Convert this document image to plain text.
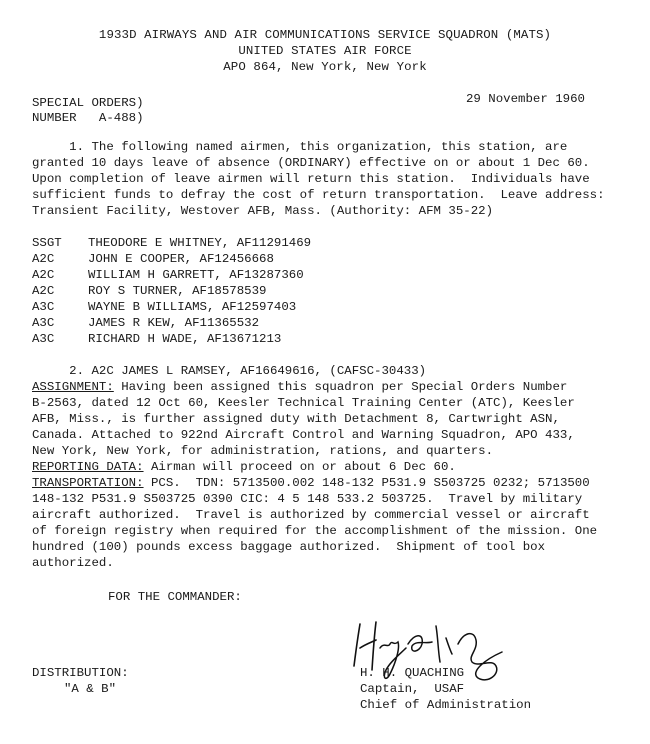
1933D AIRWAYS AND AIR COMMUNICATIONS SERVICE SQUADRON (MATS)
UNITED STATES AIR FORCE
APO 864, New York, New York
SPECIAL ORDERS)
NUMBER   A-488)
29 November 1960
1. The following named airmen, this organization, this station, are
granted 10 days leave of absence (ORDINARY) effective on or about 1 Dec 60.
Upon completion of leave airmen will return this station.  Individuals have
sufficient funds to defray the cost of return transportation.  Leave address:
Transient Facility, Westover AFB, Mass. (Authority: AFM 35-22)
SSGT THEODORE E WHITNEY, AF11291469
A2C	JOHN E COOPER, AF12456668
A2C	WILLIAM H GARRETT, AF13287360
A2C	ROY S TURNER, AF18578539
A3C	WAYNE B WILLIAMS, AF12597403
A3C	JAMES R KEW, AF11365532
A3C	RICHARD H WADE, AF13671213
2. A2C JAMES L RAMSEY, AF16649616, (CAFSC-30433)
ASSIGNMENT: Having been assigned this squadron per Special Orders Number
B-2563, dated 12 Oct 60, Keesler Technical Training Center (ATC), Keesler
AFB, Miss., is further assigned duty with Detachment 8, Cartwright ASN,
Canada. Attached to 922nd Aircraft Control and Warning Squadron, APO 433,
New York, New York, for administration, rations, and quarters.
REPORTING DATA: Airman will proceed on or about 6 Dec 60.
TRANSPORTATION: PCS.  TDN: 5713500.002 148-132 P531.9 S503725 0232; 5713500
148-132 P531.9 S503725 0390 CIC: 4 5 148 533.2 503725.  Travel by military
aircraft authorized.  Travel is authorized by commercial vessel or aircraft
of foreign registry when required for the accomplishment of the mission. One
hundred (100) pounds excess baggage authorized.  Shipment of tool box
authorized.
FOR THE COMMANDER:
DISTRIBUTION:
"A & B"
H. H. QUACHING
Captain,  USAF
Chief of Administration
